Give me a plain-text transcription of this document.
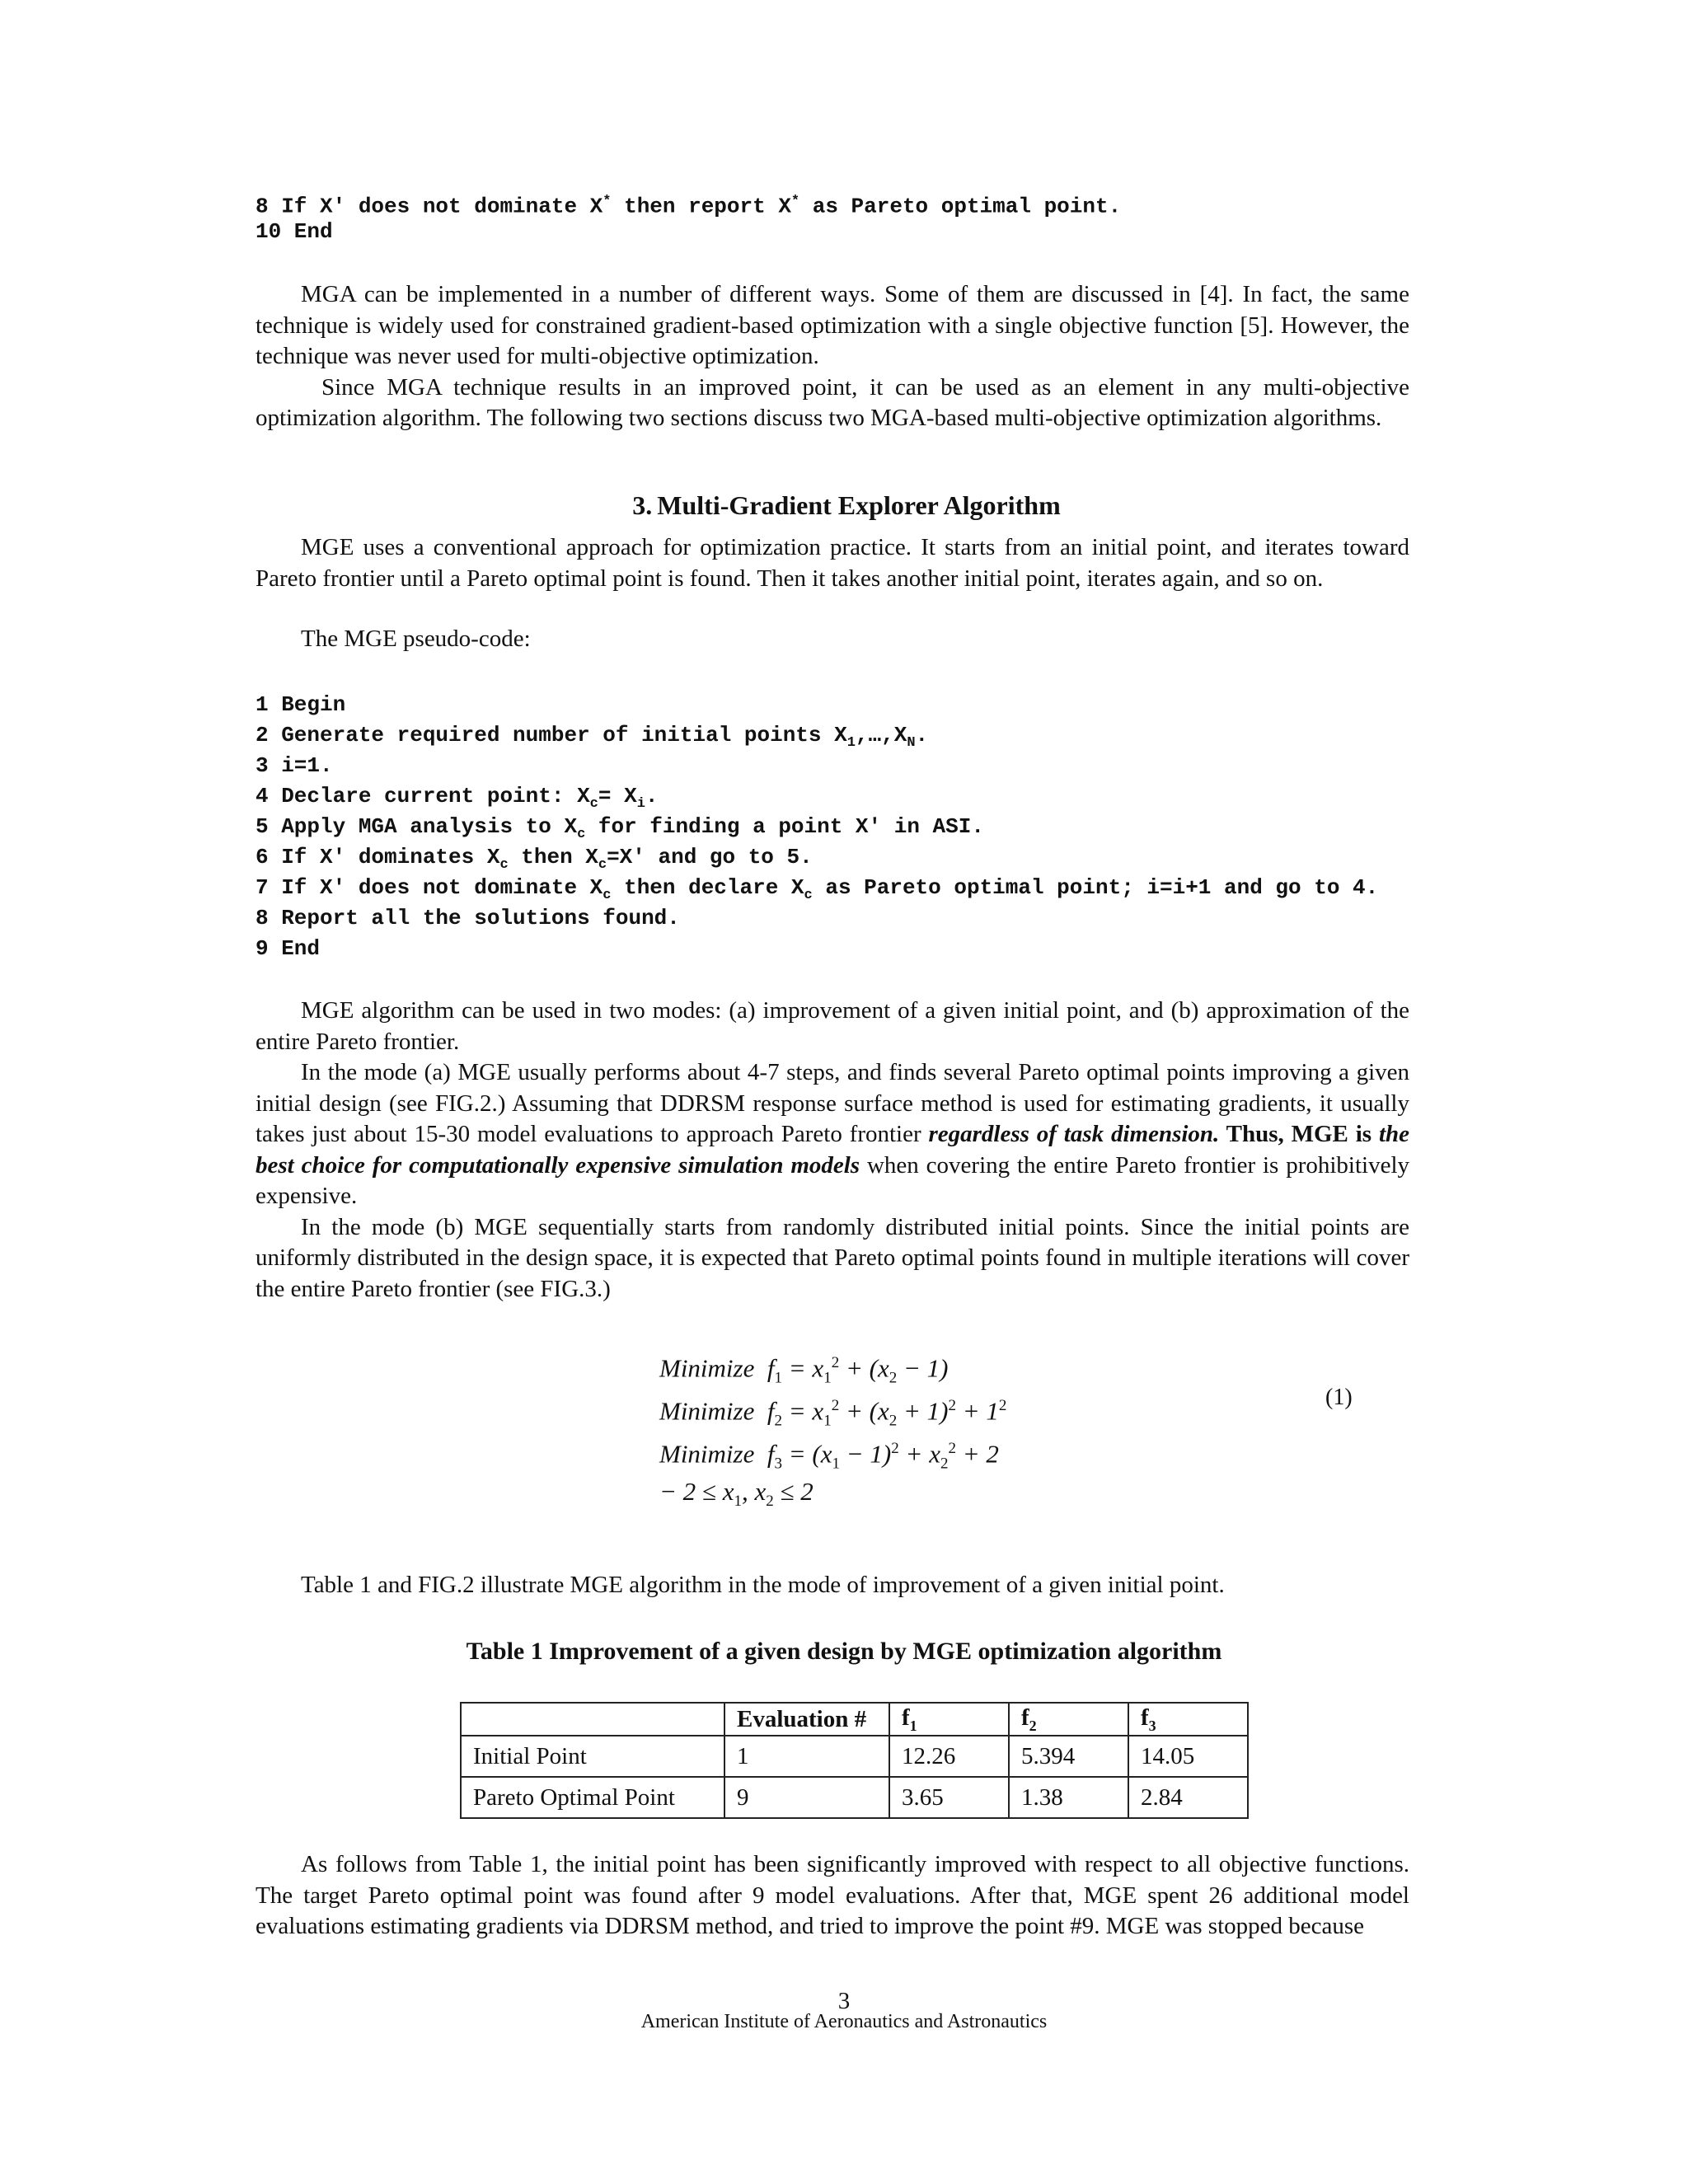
8 If X′ does not dominate X* then report X* as Pareto optimal point.
10 End

MGA can be implemented in a number of different ways. Some of them are discussed in [4]. In fact, the same technique is widely used for constrained gradient-based optimization with a single objective function [5]. However, the technique was never used for multi-objective optimization.

Since MGA technique results in an improved point, it can be used as an element in any multi-objective optimization algorithm. The following two sections discuss two MGA-based multi-objective optimization algorithms.

3. Multi-Gradient Explorer Algorithm

MGE uses a conventional approach for optimization practice. It starts from an initial point, and iterates toward Pareto frontier until a Pareto optimal point is found. Then it takes another initial point, iterates again, and so on.

The MGE pseudo-code:
1 Begin
2 Generate required number of initial points $X_1,\dots,X_N$.
3 i=1.
4 Declare current point: $X_c= X_i$.
5 Apply MGA analysis to $X_c$ for finding a point X′ in ASI.
6 If X′ dominates $X_c$ then $X_c=X'$ and go to 5.
7 If X′ does not dominate $X_c$ then declare $X_c$ as Pareto optimal point; i=i+1 and go to 4.
8 Report all the solutions found.
9 End

MGE algorithm can be used in two modes: (a) improvement of a given initial point, and (b) approximation of the entire Pareto frontier.

In the mode (a) MGE usually performs about 4-7 steps, and finds several Pareto optimal points improving a given initial design (see FIG.2.) Assuming that DDRSM response surface method is used for estimating gradients, it usually takes just about 15-30 model evaluations to approach Pareto frontier regardless of task dimension. Thus, MGE is the best choice for computationally expensive simulation models when covering the entire Pareto frontier is prohibitively expensive.

In the mode (b) MGE sequentially starts from randomly distributed initial points. Since the initial points are uniformly distributed in the design space, it is expected that Pareto optimal points found in multiple iterations will cover the entire Pareto frontier (see FIG.3.)

Minimize $f_1 = x_1^2 + (x_2 - 1)$
Minimize $f_2 = x_1^2 + (x_2 + 1)^2 + 1^2$
Minimize $f_3 = (x_1 - 1)^2 + x_2^2 + 2$
− $2 \le x_1$, $x_2 \le 2$
(1)
Table 1 and FIG.2 illustrate MGE algorithm in the mode of improvement of a given initial point.
Table 1 Improvement of a given design by MGE optimization algorithm
	Evaluation #	$f_1$	$f_2$	$f_3$
Initial Point	1	12.26	5.394	14.05
Pareto Optimal Point	9	3.65	1.38	2.84

As follows from Table 1, the initial point has been significantly improved with respect to all objective functions. The target Pareto optimal point was found after 9 model evaluations. After that, MGE spent 26 additional model evaluations estimating gradients via DDRSM method, and tried to improve the point #9. MGE was stopped because

3
American Institute of Aeronautics and Astronautics
